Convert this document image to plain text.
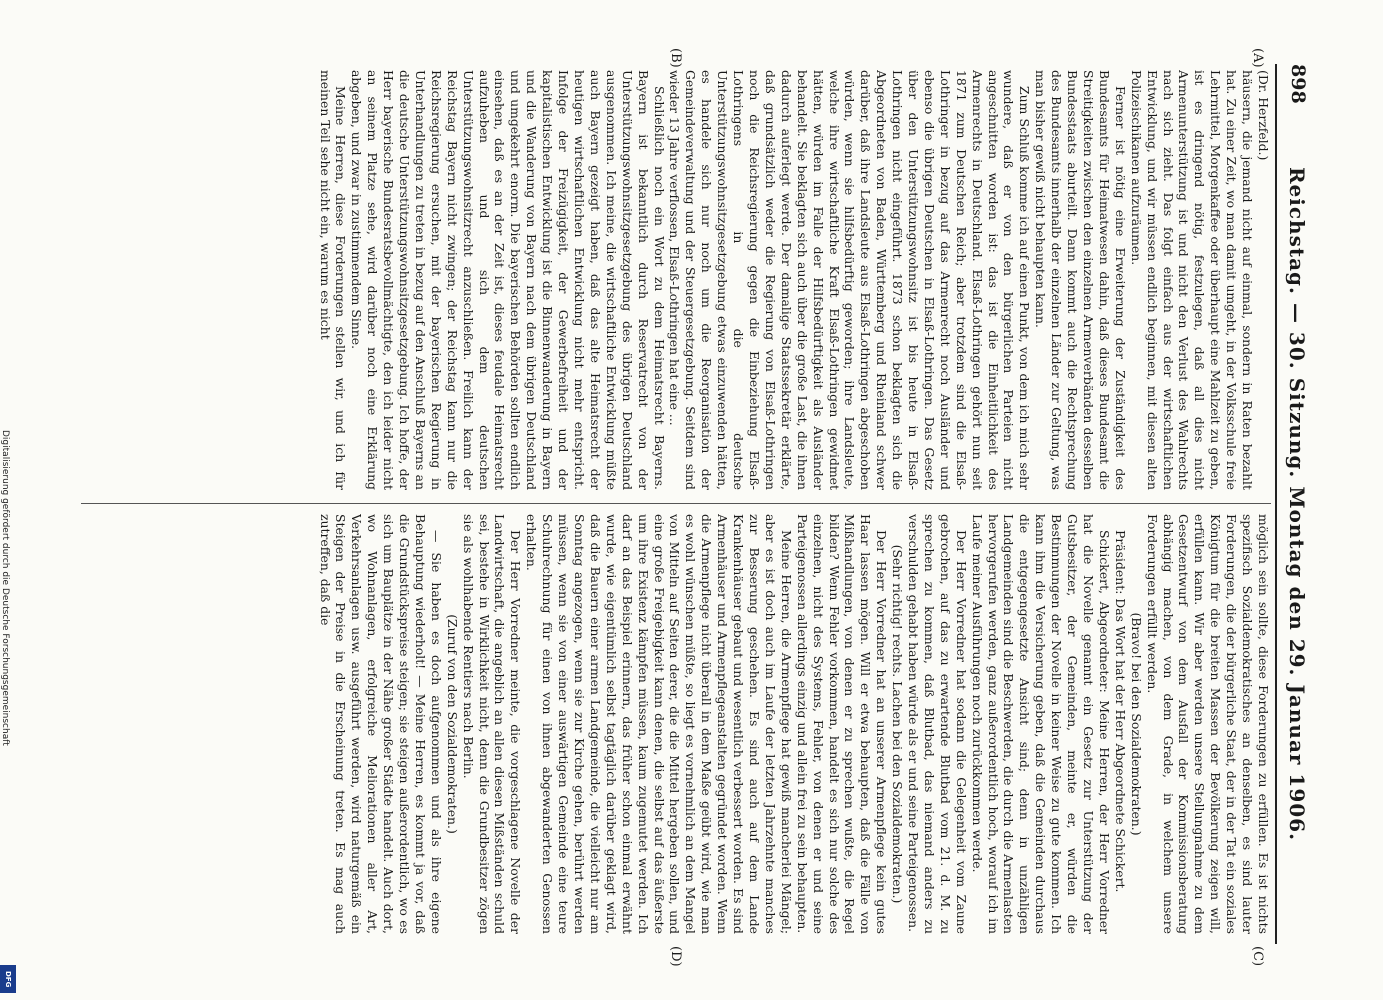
898
Reichstag. — 30. Sitzung. Montag den 29. Januar 1906.
(A)
(B)
(C)
(D)

(Dr. Herzfeld.)

häusern, die jemand nicht auf einmal, sondern in Raten bezahlt hat. Zu einer Zeit, wo man damit umgeht, in der Volksschule freie Lehrmittel, Morgenkaffee oder überhaupt eine Mahlzeit zu geben, ist es dringend nötig, festzulegen, daß all dies nicht Armenunterstützung ist und nicht den Verlust des Wahlrechts nach sich zieht. Das folgt einfach aus der wirtschaftlichen Entwicklung, und wir müssen endlich beginnen, mit diesen alten Polizeischikanen aufzuräumen.

Ferner ist nötig eine Erweiterung der Zuständigkeit des Bundesamts für Heimatwesen dahin, daß dieses Bundesamt die Streitigkeiten zwischen den einzelnen Armenverbänden desselben Bundesstaats aburteilt. Dann kommt auch die Rechtsprechung des Bundesamts innerhalb der einzelnen Länder zur Geltung, was man bisher gewiß nicht behaupten kann.

Zum Schluß komme ich auf einen Punkt, von dem ich mich sehr wundere, daß er von den bürgerlichen Parteien nicht angeschnitten worden ist: das ist die Einheitlichkeit des Armenrechts in Deutschland. Elsaß-Lothringen gehört nun seit 1871 zum Deutschen Reich; aber trotzdem sind die Elsaß-Lothringer in bezug auf das Armenrecht noch Ausländer und ebenso die übrigen Deutschen in Elsaß-Lothringen. Das Gesetz über den Unterstützungswohnsitz ist bis heute in Elsaß-Lothringen nicht eingeführt. 1873 schon beklagten sich die Abgeordneten von Baden, Württemberg und Rheinland schwer darüber, daß ihre Landsleute aus Elsaß-Lothringen abgeschoben würden, wenn sie hilfsbedürftig geworden; ihre Landsleute, welche ihre wirtschaftliche Kraft Elsaß-Lothringen gewidmet hätten, würden im Falle der Hilfsbedürftigkeit als Ausländer behandelt. Sie beklagten sich auch über die große Last, die ihnen dadurch auferlegt werde. Der damalige Staatssekretär erklärte, daß grundsätzlich weder die Regierung von Elsaß-Lothringen noch die Reichsregierung gegen die Einbeziehung Elsaß-Lothringens in die deutsche Unterstützungswohnsitzgesetzgebung etwas einzuwenden hätten, es handele sich nur noch um die Reorganisation der Gemeindeverwaltung und der Steuergesetzgebung. Seitdem sind wieder 13 Jahre verflossen, Elsaß-Lothringen hat eine ...

Schließlich noch ein Wort zu dem Heimatsrecht Bayerns. Bayern ist bekanntlich durch Reservatrecht von der Unterstützungswohnsitzgesetzgebung des übrigen Deutschland ausgenommen. Ich meine, die wirtschaftliche Entwicklung müßte auch Bayern gezeigt haben, daß das alte Heimatsrecht der heutigen wirtschaftlichen Entwicklung nicht mehr entspricht. Infolge der Freizügigkeit, der Gewerbefreiheit und der kapitalistischen Entwicklung ist die Binnenwanderung in Bayern und die Wanderung von Bayern nach dem übrigen Deutschland und umgekehrt enorm. Die bayerischen Behörden sollten endlich einsehen, daß es an der Zeit ist, dieses feudale Heimatsrecht aufzuheben und sich dem deutschen Unterstützungswohnsitzrecht anzuschließen. Freilich kann der Reichstag Bayern nicht zwingen; der Reichstag kann nur die Reichsregierung ersuchen, mit der bayerischen Regierung in Unterhandlungen zu treten in bezug auf den Anschluß Bayerns an die deutsche Unterstützungswohnsitzgesetzgebung. Ich hoffe, der Herr bayerische Bundesratsbevollmächtigte, den ich leider nicht an seinem Platze sehe, wird darüber noch eine Erklärung abgeben, und zwar in zustimmendem Sinne.

Meine Herren, diese Forderungen stellen wir, und ich für meinen Teil sehe nicht ein, warum es nicht

möglich sein sollte, diese Forderungen zu erfüllen. Es ist nichts spezifisch Sozialdemokratisches an denselben, es sind lauter Forderungen, die der bürgerliche Staat, der in der Tat ein soziales Königtum für die breiten Massen der Bevölkerung zeigen will, erfüllen kann. Wir aber werden unsere Stellungnahme zu dem Gesetzentwurf von dem Ausfall der Kommissionsberatung abhängig machen, von dem Grade, in welchem unsere Forderungen erfüllt werden.

(Bravo! bei den Sozialdemokraten.)

Präsident: Das Wort hat der Herr Abgeordnete Schickert.

Schickert, Abgeordneter: Meine Herren, der Herr Vorredner hat die Novelle genannt ein Gesetz zur Unterstützung der Gutsbesitzer, der Gemeinden, meinte er, würden die Bestimmungen der Novelle in keiner Weise zu gute kommen. Ich kann ihm die Versicherung geben, daß die Gemeinden durchaus die entgegengesetzte Ansicht sind; denn in unzähligen Landgemeinden sind die Beschwerden, die durch die Armenlasten hervorgerufen werden, ganz außerordentlich hoch, worauf ich im Laufe meiner Ausführungen noch zurückkommen werde.

Der Herr Vorredner hat sodann die Gelegenheit vom Zaune gebrochen, auf das zu erwartende Blutbad vom 21. d. M. zu sprechen zu kommen, daß Blutbad, das niemand anders zu verschulden gehabt haben würde als er und seine Parteigenossen.

(Sehr richtig! rechts. Lachen bei den Sozialdemokraten.)

Der Herr Vorredner hat an unserer Armenpflege kein gutes Haar lassen mögen. Will er etwa behaupten, daß die Fälle von Mißhandlungen, von denen er zu sprechen wußte, die Regel bilden? Wenn Fehler vorkommen, handelt es sich nur solche des einzelnen, nicht des Systems, Fehler, von denen er und seine Parteigenossen allerdings einzig und allein frei zu sein behaupten.

Meine Herren, die Armenpflege hat gewiß mancherlei Mängel; aber es ist doch auch im Laufe der letzten Jahrzehnte manches zur Besserung geschehen. Es sind auch auf dem Lande Krankenhäuser gebaut und wesentlich verbessert worden. Es sind Armenhäuser und Armenpflegeanstalten gegründet worden. Wenn die Armenpflege nicht überall in dem Maße geübt wird, wie man es wohl wünschen müßte, so liegt es vornehmlich an dem Mangel von Mitteln auf Seiten derer, die die Mittel hergeben sollen, und eine große Freigebigkeit kann denen, die selbst auf das äußerste um ihre Existenz kämpfen müssen, kaum zugemutet werden. Ich darf an das Beispiel erinnern, das früher schon einmal erwähnt wurde, wie eigentümlich selbst tagtäglich darüber geklagt wird, daß die Bauern einer armen Landgemeinde, die vielleicht nur am Sonntag angezogen, wenn sie zur Kirche gehen, berührt werden müssen, wenn sie von einer auswärtigen Gemeinde eine teure Schuhrechnung für einen von ihnen abgewanderten Genossen erhalten.

Der Herr Vorredner meinte, die vorgeschlagene Novelle der Landwirtschaft, die angeblich an allen diesen Mißständen schuld sei, bestehe in Wirklichkeit nicht, denn die Grundbesitzer zögen sie als wohlhabende Rentiers nach Berlin.

(Zuruf von den Sozialdemokraten.)

— Sie haben es doch aufgenommen und als ihre eigene Behauptung wiederholt! — Meine Herren, es kommt ja vor, daß die Grundstückspreise steigen; sie steigen außerordentlich, wo es sich um Bauplätze in der Nähe großer Städte handelt. Auch dort, wo Wohnanlagen, erfolgreiche Meliorationen aller Art, Verkehrsanlagen usw. ausgeführt werden, wird naturgemäß ein Steigen der Preise in die Erscheinung treten. Es mag auch zutreffen, daß die

Digitalisierung gefördert durch die Deutsche Forschungsgemeinschaft
DFG
